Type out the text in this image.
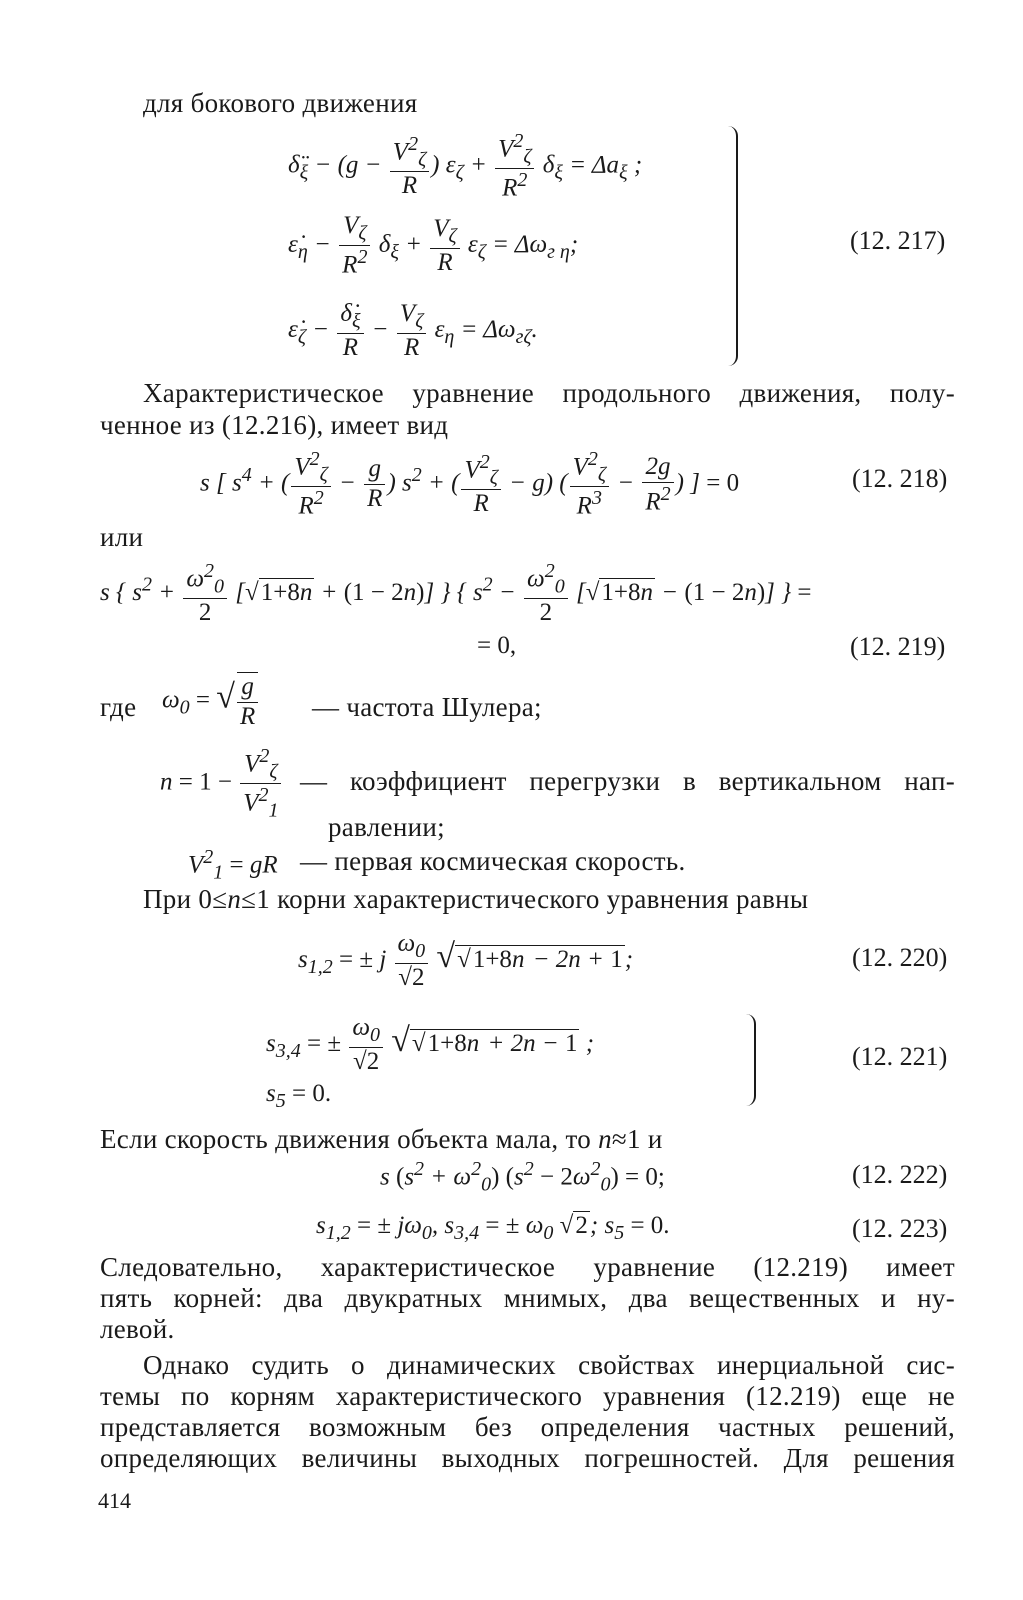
для бокового движения
$\deltä_\xi - (g - \frac{V^2_\zeta}{R}$ ) $\varepsilon_\zeta + \frac{V^2_\zeta}{R^2} \delta_\xi = \Delta a_\xi$ ;
$\varepsiloṅ_\eta - \frac{V_\zeta}{R^2} \delta_\xi + \frac{V_\zeta}{R} \varepsilon_\zeta = \Delta\omega_{г \eta}$;
$\varepsiloṅ_\zeta - \frac{\deltȧ_\xi}{R} - \frac{V_\zeta}{R} \varepsilon_\eta = \Delta\omega_{г\zeta}$.
(12. 217)
Характеристическое уравнение продольного движения, полу-
ченное из (12.216), имеет вид
s [ $s^4$ + ( $\frac{V^2_\zeta}{R^2} - \frac{g}{R}$ ) $s^2$ + ( $\frac{V^2_\zeta}{R} - g$) ( $\frac{V^2_\zeta}{R^3} - \frac{2g}{R^2}$ ) ] = 0	(12. 218)
или
s { $s^2 + \frac{\omega^2_0}{2} [√1+8n + (1 - 2n)]$ } { $s^2 - \frac{\omega^2_0}{2} [√1+8n - (1 - 2n)]$ } =
= 0,	(12. 219)
где $\omega_0$ = √ $\frac{g}{R}$ — частота Шулера;
$n = 1 - \frac{V^2_\zeta}{V^2_1}$ — коэффициент перегрузки в вертикальном нап-
равлении;
$V^2_1$ = gR — первая космическая скорость.
При 0≤n≤1 корни характеристического уравнения равны
$s_{1,2}$ = ± j $\frac{\omega_0}{√2} √√1+8n - 2n + 1$;	(12. 220)
$s_{3,4}$ = ± $\frac{\omega_0}{√2} √√1+8n + 2n - 1$ ;
$s_5 = 0$.
(12. 221)
Если скорость движения объекта мала, то n≈1 и
s $(s^2 + \omega^2_0) (s^2 - 2\omega^2_0) = 0$;	(12. 222)
$s_{1,2}$ = ± $j\omega_0$, $s_{3,4}$ = ± $\omega_0$ √2; $s_5 = 0$.	(12. 223)
Следовательно, характеристическое уравнение (12.219) имеет
пять корней: два двукратных мнимых, два вещественных и ну-
левой.
Однако судить о динамических свойствах инерциальной сис-
темы по корням характеристического уравнения (12.219) еще не
представляется возможным без определения частных решений,
определяющих величины выходных погрешностей. Для решения
414
